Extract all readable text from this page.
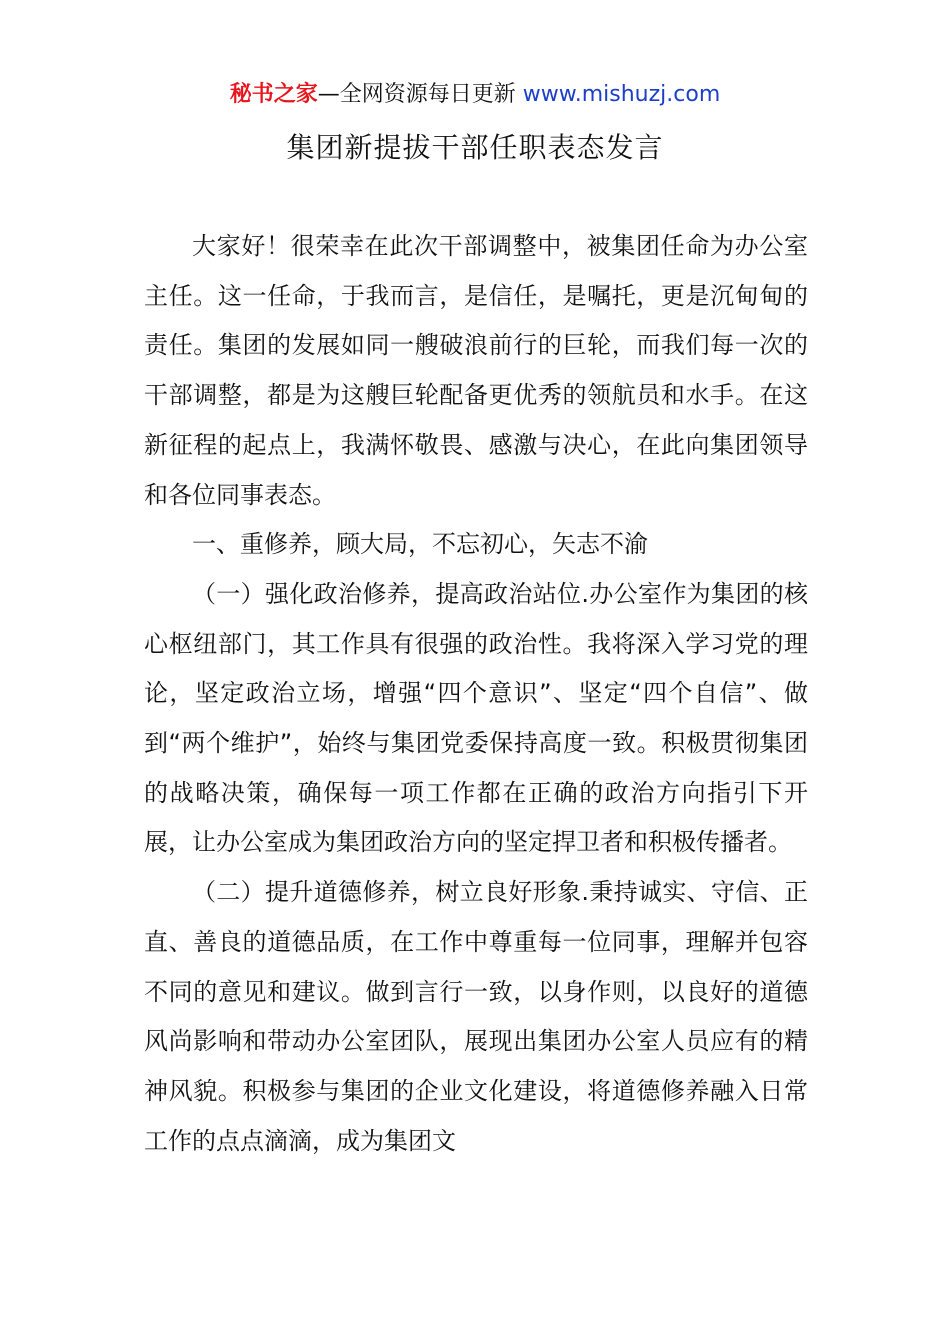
秘书之家—全网资源每日更新 www.mishuzj.com
集团新提拔干部任职表态发言

大家好！很荣幸在此次干部调整中，被集团任命为办公室主任。这一任命，于我而言，是信任，是嘱托，更是沉甸甸的责任。集团的发展如同一艘破浪前行的巨轮，而我们每一次的干部调整，都是为这艘巨轮配备更优秀的领航员和水手。在这新征程的起点上，我满怀敬畏、感激与决心，在此向集团领导和各位同事表态。

一、重修养，顾大局，不忘初心，矢志不渝

（一）强化政治修养，提高政治站位.办公室作为集团的核心枢纽部门，其工作具有很强的政治性。我将深入学习党的理论，坚定政治立场，增强“四个意识”、坚定“四个自信”、做到“两个维护”，始终与集团党委保持高度一致。积极贯彻集团的战略决策，确保每一项工作都在正确的政治方向指引下开展，让办公室成为集团政治方向的坚定捍卫者和积极传播者。

（二）提升道德修养，树立良好形象.秉持诚实、守信、正直、善良的道德品质，在工作中尊重每一位同事，理解并包容不同的意见和建议。做到言行一致，以身作则，以良好的道德风尚影响和带动办公室团队，展现出集团办公室人员应有的精神风貌。积极参与集团的企业文化建设，将道德修养融入日常工作的点点滴滴，成为集团文
